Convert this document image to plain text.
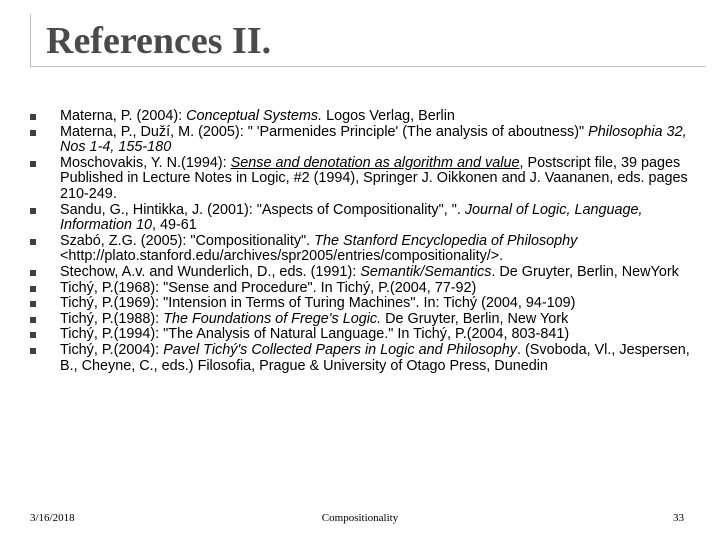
References II.
Materna, P. (2004): Conceptual Systems. Logos Verlag, Berlin
Materna, P., Duží, M. (2005): " 'Parmenides Principle' (The analysis of aboutness)" Philosophia 32, Nos 1-4, 155-180
Moschovakis, Y. N.(1994): Sense and denotation as algorithm and value, Postscript file, 39 pages Published in Lecture Notes in Logic, #2 (1994), Springer J. Oikkonen and J. Vaananen, eds. pages 210-249.
Sandu, G., Hintikka, J. (2001): "Aspects of Compositionality", ". Journal of Logic, Language, Information 10, 49-61
Szabó, Z.G. (2005): "Compositionality". The Stanford Encyclopedia of Philosophy <http://plato.stanford.edu/archives/spr2005/entries/compositionality/>.
Stechow, A.v. and Wunderlich, D., eds. (1991): Semantik/Semantics. De Gruyter, Berlin, NewYork
Tichý, P.(1968): "Sense and Procedure". In Tichý, P.(2004, 77-92)
Tichý, P.(1969): "Intension in Terms of Turing Machines". In: Tichý (2004, 94-109)
Tichý, P.(1988): The Foundations of Frege's Logic. De Gruyter, Berlin, New York
Tichý, P.(1994): "The Analysis of Natural Language." In Tichý, P.(2004, 803-841)
Tichý, P.(2004): Pavel Tichý's Collected Papers in Logic and Philosophy. (Svoboda, Vl., Jespersen, B., Cheyne, C., eds.) Filosofia, Prague & University of Otago Press, Dunedin
Compositionality
3/16/2018	33
